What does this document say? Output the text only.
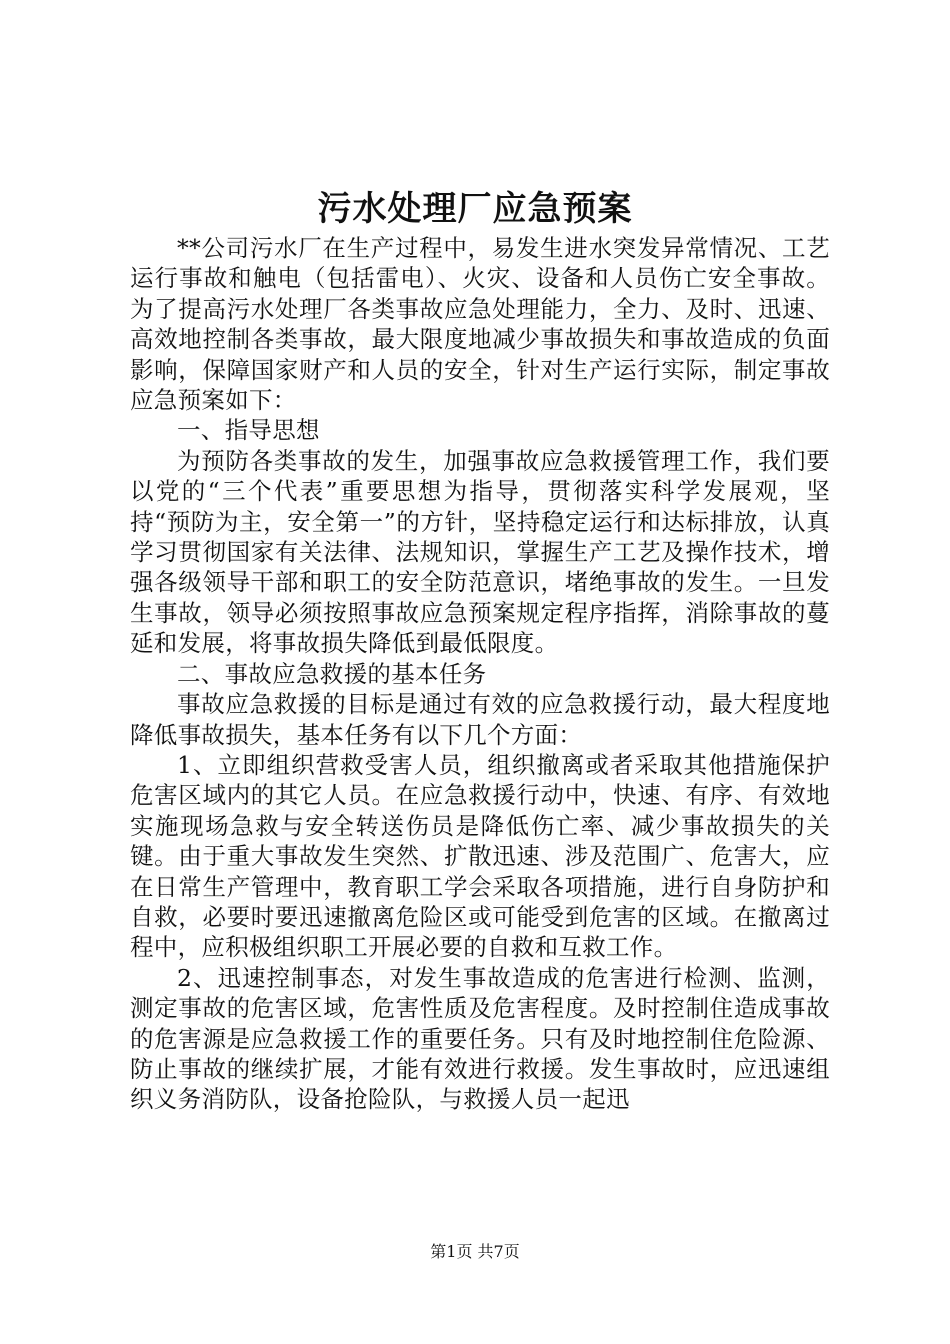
污水处理厂应急预案

**公司污水厂在生产过程中，易发生进水突发异常情况、工艺运行事故和触电（包括雷电）、火灾、设备和人员伤亡安全事故。为了提高污水处理厂各类事故应急处理能力，全力、及时、迅速、高效地控制各类事故，最大限度地减少事故损失和事故造成的负面影响，保障国家财产和人员的安全，针对生产运行实际，制定事故应急预案如下：

一、指导思想

为预防各类事故的发生，加强事故应急救援管理工作，我们要以党的“三个代表”重要思想为指导，贯彻落实科学发展观，坚持“预防为主，安全第一”的方针，坚持稳定运行和达标排放，认真学习贯彻国家有关法律、法规知识，掌握生产工艺及操作技术，增强各级领导干部和职工的安全防范意识，堵绝事故的发生。一旦发生事故，领导必须按照事故应急预案规定程序指挥，消除事故的蔓延和发展，将事故损失降低到最低限度。

二、事故应急救援的基本任务

事故应急救援的目标是通过有效的应急救援行动，最大程度地降低事故损失，基本任务有以下几个方面：

1、立即组织营救受害人员，组织撤离或者采取其他措施保护危害区域内的其它人员。在应急救援行动中，快速、有序、有效地实施现场急救与安全转送伤员是降低伤亡率、减少事故损失的关键。由于重大事故发生突然、扩散迅速、涉及范围广、危害大，应在日常生产管理中，教育职工学会采取各项措施，进行自身防护和自救，必要时要迅速撤离危险区或可能受到危害的区域。在撤离过程中，应积极组织职工开展必要的自救和互救工作。

2、迅速控制事态，对发生事故造成的危害进行检测、监测，测定事故的危害区域，危害性质及危害程度。及时控制住造成事故的危害源是应急救援工作的重要任务。只有及时地控制住危险源、防止事故的继续扩展，才能有效进行救援。发生事故时，应迅速组织义务消防队，设备抢险队，与救援人员一起迅

第1页 共7页
